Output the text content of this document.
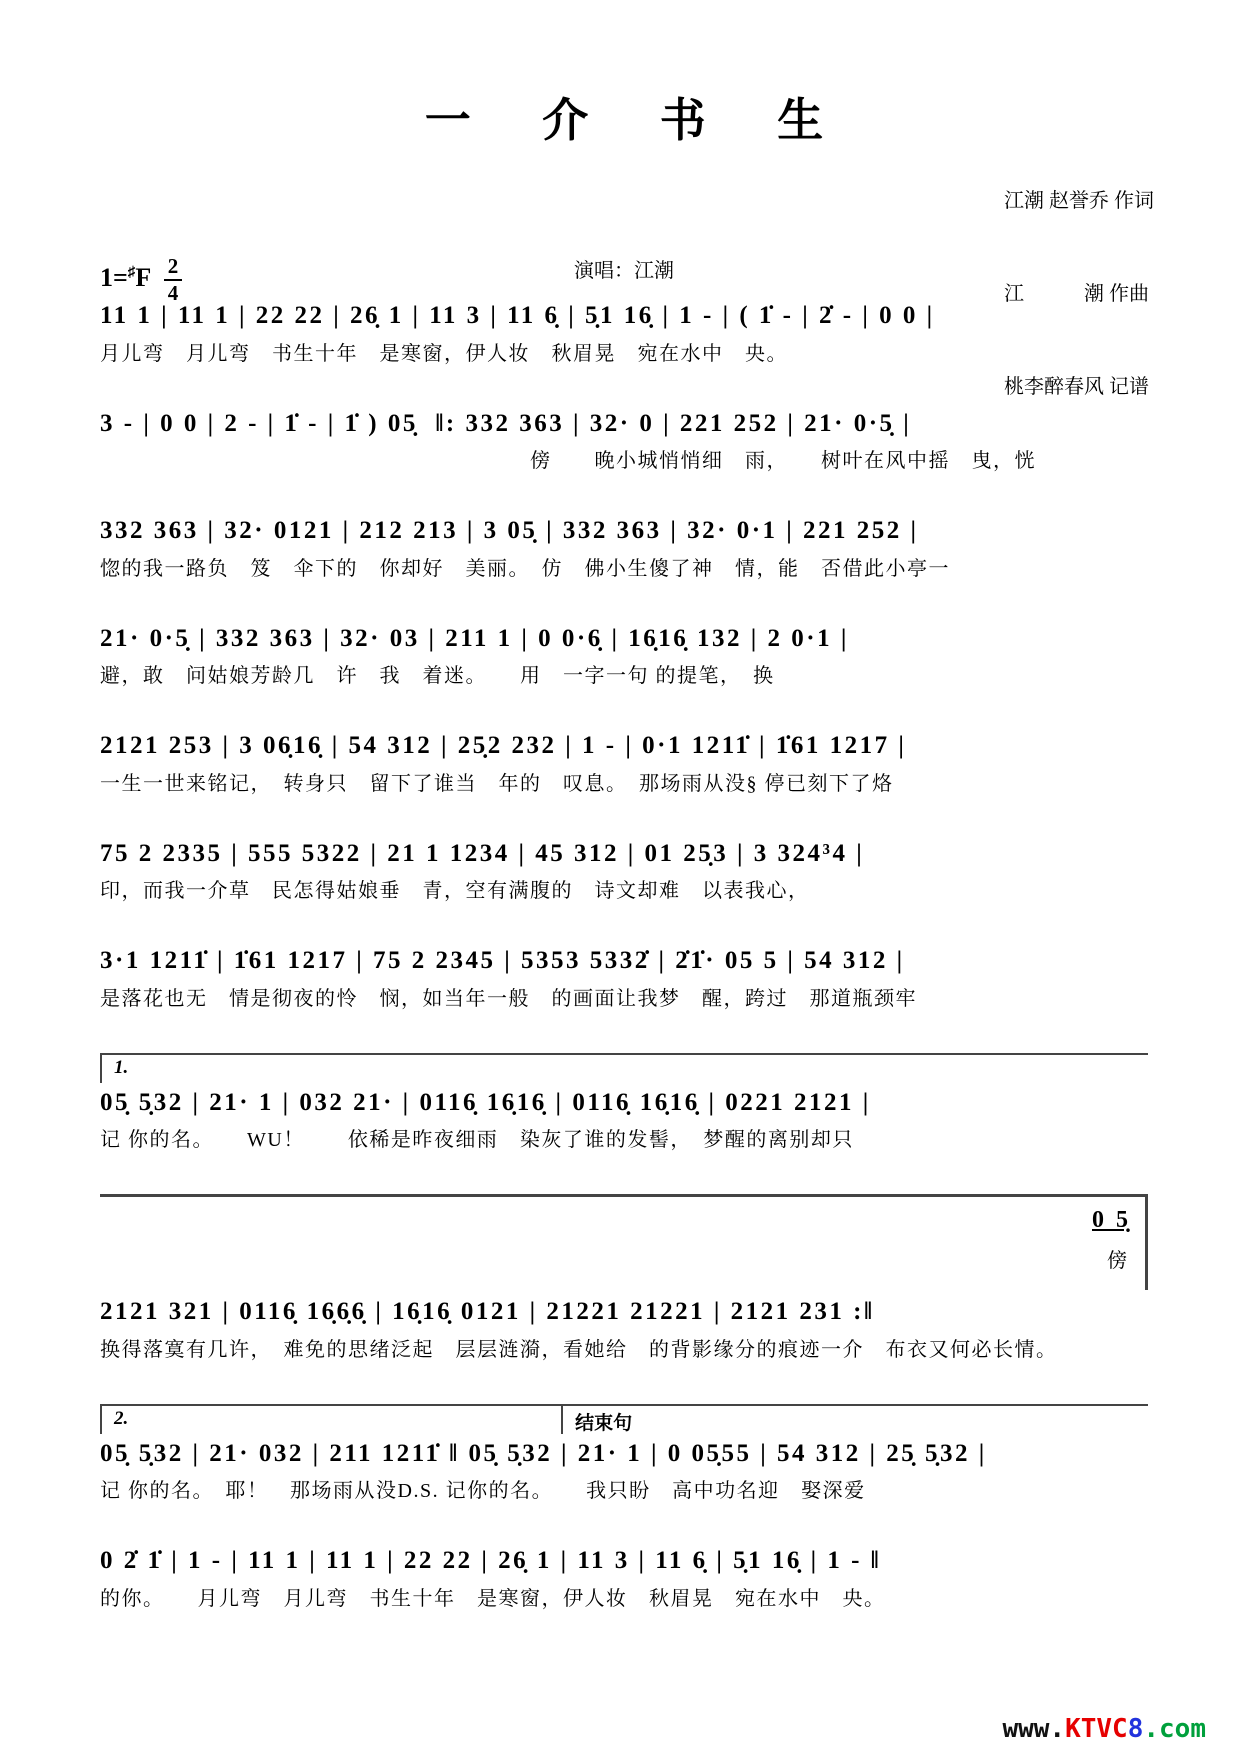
一 介 书 生

江潮 赵誉乔 作词

江　　　潮 作曲

桃李醉春风 记谱

$1=^♯F \frac{2}{4}$	演唱：江潮
11 1 | 11 1 | 22 22 | 26̣ 1 | 11 3 | 11 6̣ | 5̣1 16̣ | 1 - | ( 1̇ - | 2̇ - | 0 0 |
月儿弯　月儿弯　书生十年　是寒窗，伊人妆　秋眉晃　宛在水中　央。
3 - | 0 0 | 2 - | 1̇ - | 1̇ ) 05̣  ‖: 332 363 | 32· 0 | 221 252 | 21· 0·5̣ |
傍　　晚小城悄悄细　雨，　　树叶在风中摇　曳，恍
332 363 | 32· 0121 | 212 213 | 3 05̣ | 332 363 | 32· 0·1 | 221 252 |
惚的我一路负　笈　伞下的　你却好　美丽。　仿　佛小生傻了神　情，能　否借此小亭一
21· 0·5̣ | 332 363 | 32· 03 | 211 1 | 0 0·6̣ | 16̣16̣ 132 | 2 0·1 |
避，敢　问姑娘芳龄几　许　我　着迷。　　用　一字一句 的提笔，　换
2121 253 | 3 06̣16̣ | 54 312 | 25̣2 232 | 1 - | 0·1 1211̇ | 1̇61 1217 |
一生一世来铭记，　转身只　留下了谁当　年的　叹息。　那场雨从没§ 停已刻下了烙
75 2 2335 | 555 5322 | 21 1 1234 | 45 312 | 01 25̣3 | 3 324³4 |
印，而我一介草　民怎得姑娘垂　青，空有满腹的　诗文却难　以表我心，
3·1 1211̇ | 1̇61 1217 | 75 2 2345 | 5353 5332̇ | 2̇1̇· 05 5 | 54 312 |
是落花也无　情是彻夜的怜　悯，如当年一般　的画面让我梦　醒，跨过　那道瓶颈牢
1.
05̣ 5̣32 | 21· 1 | 032 21· | 0116̣ 16̣16̣ | 0116̣ 16̣16̣ | 0221 2121 |
记 你的名。　　WU！　　依稀是昨夜细雨　染灰了谁的发髻，　梦醒的离别却只
0 5̣
傍
2121 321 | 0116̣ 16̣6̣6̣ | 16̣16̣ 0121 | 21221 21221 | 2121 231 :‖
换得落寞有几许，　难免的思绪泛起　层层涟漪，看她给　的背影缘分的痕迹一介　布衣又何必长情。
2.	结束句
05̣ 5̣32 | 21· 032 | 211 1211̇ ‖ 05̣ 5̣32 | 21· 1 | 0 05̣55 | 54 312 | 25̣ 5̣32 |
记 你的名。　耶！　那场雨从没D.S. 记你的名。　　我只盼　高中功名迎　娶深爱
0 2̇ 1̇ | 1 - | 11 1 | 11 1 | 22 22 | 26̣ 1 | 11 3 | 11 6̣ | 5̣1 16̣ | 1 - ‖
的你。　　月儿弯　月儿弯　书生十年　是寒窗，伊人妆　秋眉晃　宛在水中　央。
www.KTVC8.com
